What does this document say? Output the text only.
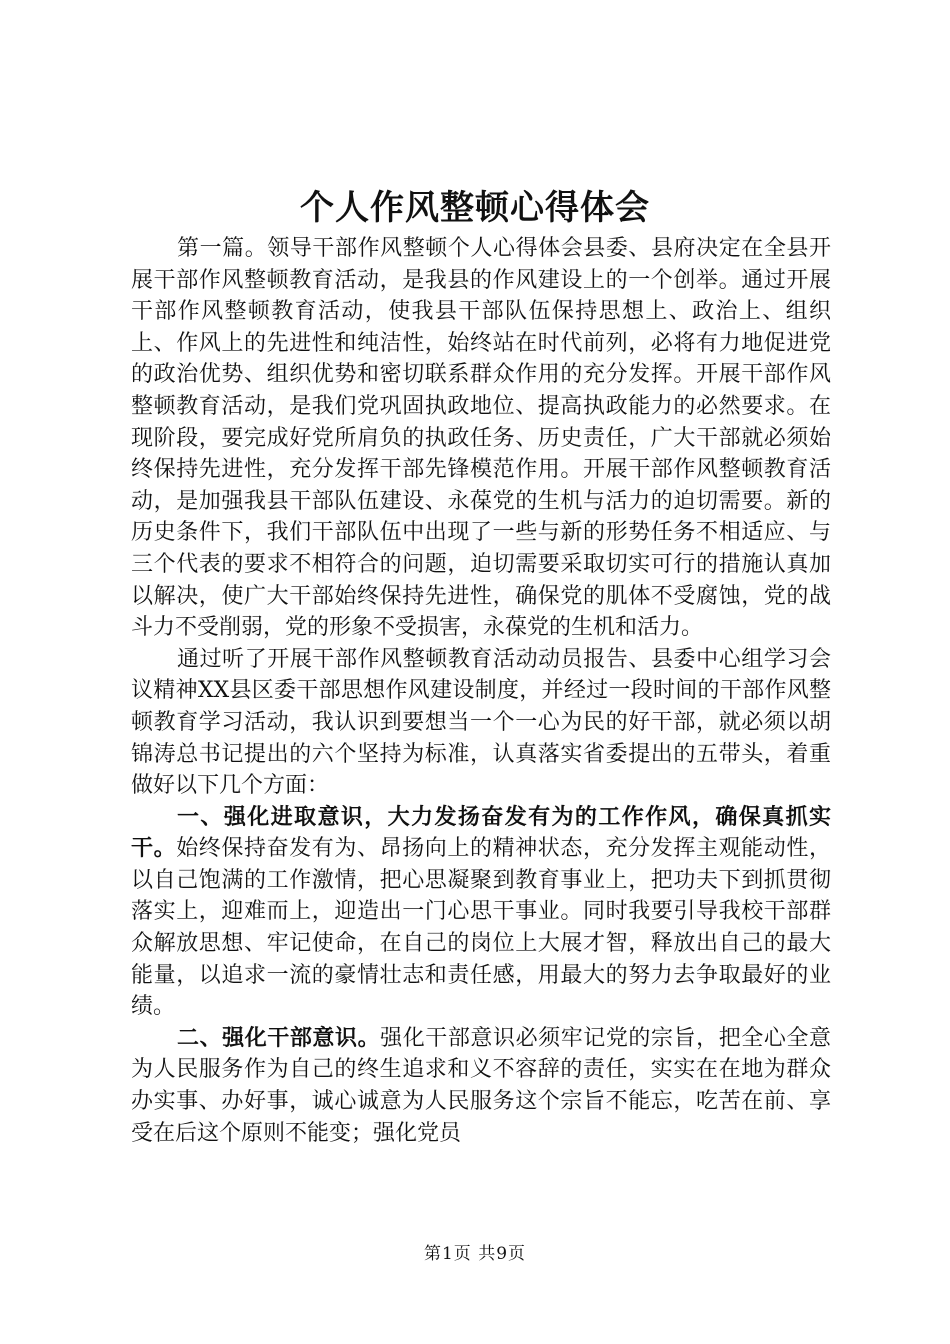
个人作风整顿心得体会

第一篇。领导干部作风整顿个人心得体会县委、县府决定在全县开展干部作风整顿教育活动，是我县的作风建设上的一个创举。通过开展干部作风整顿教育活动，使我县干部队伍保持思想上、政治上、组织上、作风上的先进性和纯洁性，始终站在时代前列，必将有力地促进党的政治优势、组织优势和密切联系群众作用的充分发挥。开展干部作风整顿教育活动，是我们党巩固执政地位、提高执政能力的必然要求。在现阶段，要完成好党所肩负的执政任务、历史责任，广大干部就必须始终保持先进性，充分发挥干部先锋模范作用。开展干部作风整顿教育活动，是加强我县干部队伍建设、永葆党的生机与活力的迫切需要。新的历史条件下，我们干部队伍中出现了一些与新的形势任务不相适应、与三个代表的要求不相符合的问题，迫切需要采取切实可行的措施认真加以解决，使广大干部始终保持先进性，确保党的肌体不受腐蚀，党的战斗力不受削弱，党的形象不受损害，永葆党的生机和活力。

通过听了开展干部作风整顿教育活动动员报告、县委中心组学习会议精神XX县区委干部思想作风建设制度，并经过一段时间的干部作风整顿教育学习活动，我认识到要想当一个一心为民的好干部，就必须以胡锦涛总书记提出的六个坚持为标准，认真落实省委提出的五带头，着重做好以下几个方面：

一、强化进取意识，大力发扬奋发有为的工作作风，确保真抓实干。始终保持奋发有为、昂扬向上的精神状态，充分发挥主观能动性，以自己饱满的工作激情，把心思凝聚到教育事业上，把功夫下到抓贯彻落实上，迎难而上，迎造出一门心思干事业。同时我要引导我校干部群众解放思想、牢记使命，在自己的岗位上大展才智，释放出自己的最大能量，以追求一流的豪情壮志和责任感，用最大的努力去争取最好的业绩。

二、强化干部意识。强化干部意识必须牢记党的宗旨，把全心全意为人民服务作为自己的终生追求和义不容辞的责任，实实在在地为群众办实事、办好事，诚心诚意为人民服务这个宗旨不能忘，吃苦在前、享受在后这个原则不能变；强化党员

第1页 共9页
